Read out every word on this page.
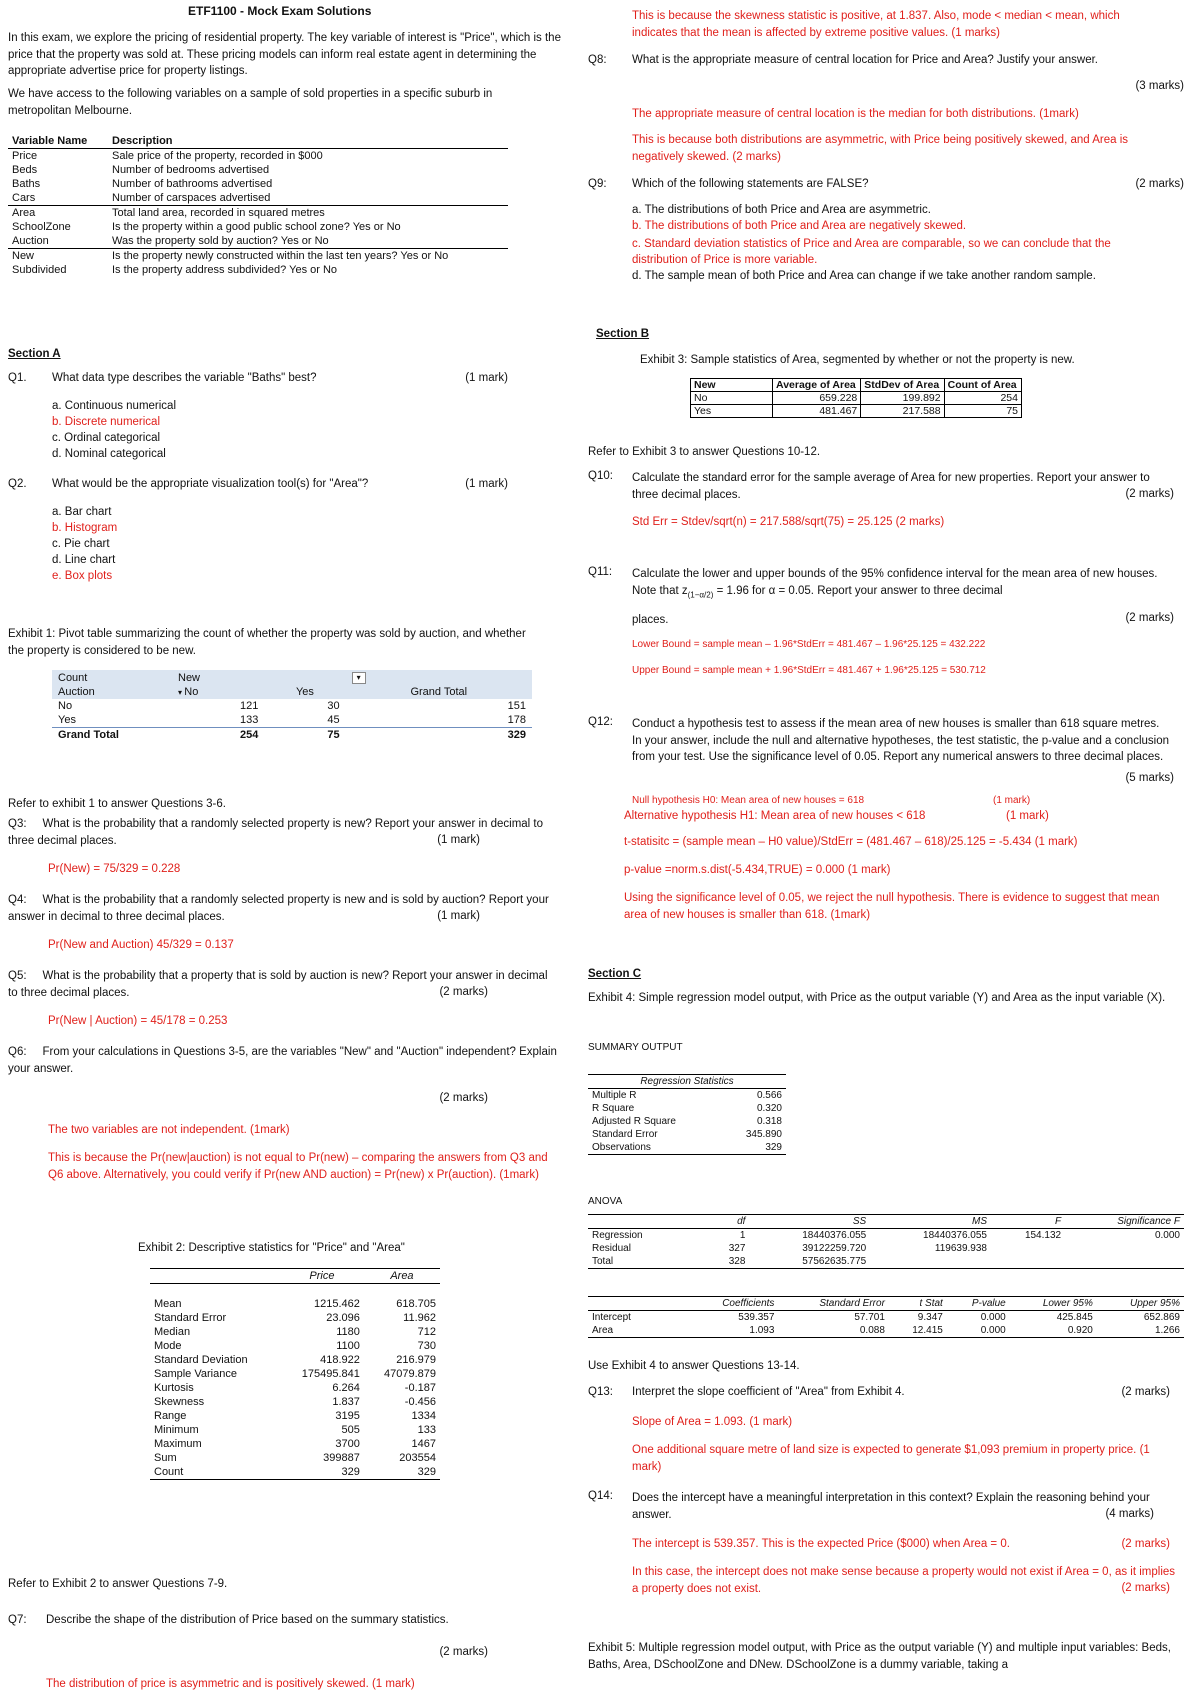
ETF1100 - Mock Exam Solutions

In this exam, we explore the pricing of residential property. The key variable of interest is "Price", which is the price that the property was sold at. These pricing models can inform real estate agent in determining the appropriate advertise price for property listings.

We have access to the following variables on a sample of sold properties in a specific suburb in metropolitan Melbourne.

Variable Name	Description
Price	Sale price of the property, recorded in $000
Beds	Number of bedrooms advertised
Baths	Number of bathrooms advertised
Cars	Number of carspaces advertised
Area	Total land area, recorded in squared metres
SchoolZone	Is the property within a good public school zone? Yes or No
Auction	Was the property sold by auction? Yes or No
New	Is the property newly constructed within the last ten years? Yes or No
Subdivided	Is the property address subdivided? Yes or No
Section A
Q1. What data type describes the variable "Baths" best?	(1 mark)
a. Continuous numerical
b. Discrete numerical
c. Ordinal categorical
d. Nominal categorical
Q2. What would be the appropriate visualization tool(s) for "Area"?	(1 mark)
a. Bar chart
b. Histogram
c. Pie chart
d. Line chart
e. Box plots

Exhibit 1: Pivot table summarizing the count of whether the property was sold by auction, and whether the property is considered to be new.

Count	New		▾
Auction	▾ No	Yes	Grand Total
No	121	30	151
Yes	133	45	178
Grand Total	254	75	329
Refer to exhibit 1 to answer Questions 3-6.

Q3: What is the probability that a randomly selected property is new? Report your answer in decimal to three decimal places.	(1 mark)

Pr(New) = 75/329 = 0.228

Q4: What is the probability that a randomly selected property is new and is sold by auction? Report your answer in decimal to three decimal places.	(1 mark)

Pr(New and Auction) 45/329 = 0.137

Q5: What is the probability that a property that is sold by auction is new? Report your answer in decimal to three decimal places.	(2 marks)

Pr(New | Auction) = 45/178 = 0.253

Q6: From your calculations in Questions 3-5, are the variables "New" and "Auction" independent? Explain your answer.

(2 marks)

The two variables are not independent. (1mark)

This is because the Pr(new|auction) is not equal to Pr(new) – comparing the answers from Q3 and Q6 above. Alternatively, you could verify if Pr(new AND auction) = Pr(new) x Pr(auction). (1mark)

Exhibit 2: Descriptive statistics for "Price" and "Area"
	Price	Area
Mean	1215.462	618.705
Standard Error	23.096	11.962
Median	1180	712
Mode	1100	730
Standard Deviation	418.922	216.979
Sample Variance	175495.841	47079.879
Kurtosis	6.264	-0.187
Skewness	1.837	-0.456
Range	3195	1334
Minimum	505	133
Maximum	3700	1467
Sum	399887	203554
Count	329	329
Refer to Exhibit 2 to answer Questions 7-9.
Q7: Describe the shape of the distribution of Price based on the summary statistics.
(2 marks)

The distribution of price is asymmetric and is positively skewed. (1 mark)

This is because the skewness statistic is positive, at 1.837. Also, mode < median < mean, which indicates that the mean is affected by extreme positive values. (1 marks)

Q8: What is the appropriate measure of central location for Price and Area? Justify your answer.
(3 marks)

The appropriate measure of central location is the median for both distributions. (1mark)

This is because both distributions are asymmetric, with Price being positively skewed, and Area is negatively skewed. (2 marks)

Q9: Which of the following statements are FALSE?	(2 marks)
a. The distributions of both Price and Area are asymmetric.
b. The distributions of both Price and Area are negatively skewed.
c. Standard deviation statistics of Price and Area are comparable, so we can conclude that the distribution of Price is more variable.
d. The sample mean of both Price and Area can change if we take another random sample.
Section B
Exhibit 3: Sample statistics of Area, segmented by whether or not the property is new.
New	Average of Area	StdDev of Area	Count of Area
No	659.228	199.892	254
Yes	481.467	217.588	75
Refer to Exhibit 3 to answer Questions 10-12.
Q10: Calculate the standard error for the sample average of Area for new properties. Report your answer to three decimal places.	(2 marks)

Std Err = Stdev/sqrt(n) = 217.588/sqrt(75) = 25.125 (2 marks)

Q11: Calculate the lower and upper bounds of the 95% confidence interval for the mean area of new houses. Note that $z_{(1-\alpha/2)} = 1.96$ for α = 0.05. Report your answer to three decimal

places.	(2 marks)

Lower Bound = sample mean – 1.96*StdErr = 481.467 – 1.96*25.125 = 432.222

Upper Bound = sample mean + 1.96*StdErr = 481.467 + 1.96*25.125 = 530.712

Q12: Conduct a hypothesis test to assess if the mean area of new houses is smaller than 618 square metres. In your answer, include the null and alternative hypotheses, the test statistic, the p-value and a conclusion from your test. Use the significance level of 0.05. Report any numerical answers to three decimal places.

(5 marks)

Null hypothesis H0: Mean area of new houses = 618	(1 mark)

Alternative hypothesis H1: Mean area of new houses < 618	(1 mark)

t-statisitc = (sample mean – H0 value)/StdErr = (481.467 – 618)/25.125 = -5.434 (1 mark)

p-value =norm.s.dist(-5.434,TRUE) = 0.000 (1 mark)

Using the significance level of 0.05, we reject the null hypothesis. There is evidence to suggest that mean area of new houses is smaller than 618. (1mark)

Section C

Exhibit 4: Simple regression model output, with Price as the output variable (Y) and Area as the input variable (X).

SUMMARY OUTPUT
Regression Statistics	
Multiple R	0.566
R Square	0.320
Adjusted R Square	0.318
Standard Error	345.890
Observations	329
ANOVA
	df	SS	MS	F	Significance F
Regression	1	18440376.055	18440376.055	154.132	0.000
Residual	327	39122259.720	119639.938		
Total	328	57562635.775			
	Coefficients	Standard Error	t Stat	P-value	Lower 95%	Upper 95%
Intercept	539.357	57.701	9.347	0.000	425.845	652.869
Area	1.093	0.088	12.415	0.000	0.920	1.266
Use Exhibit 4 to answer Questions 13-14.
Q13: Interpret the slope coefficient of "Area" from Exhibit 4.	(2 marks)

Slope of Area = 1.093. (1 mark)

One additional square metre of land size is expected to generate $1,093 premium in property price. (1 mark)

Q14: Does the intercept have a meaningful interpretation in this context? Explain the reasoning behind your answer.	(4 marks)

The intercept is 539.357. This is the expected Price ($000) when Area = 0.	(2 marks)

In this case, the intercept does not make sense because a property would not exist if Area = 0, as it implies a property does not exist.	(2 marks)

Exhibit 5: Multiple regression model output, with Price as the output variable (Y) and multiple input variables: Beds, Baths, Area, DSchoolZone and DNew. DSchoolZone is a dummy variable, taking a
